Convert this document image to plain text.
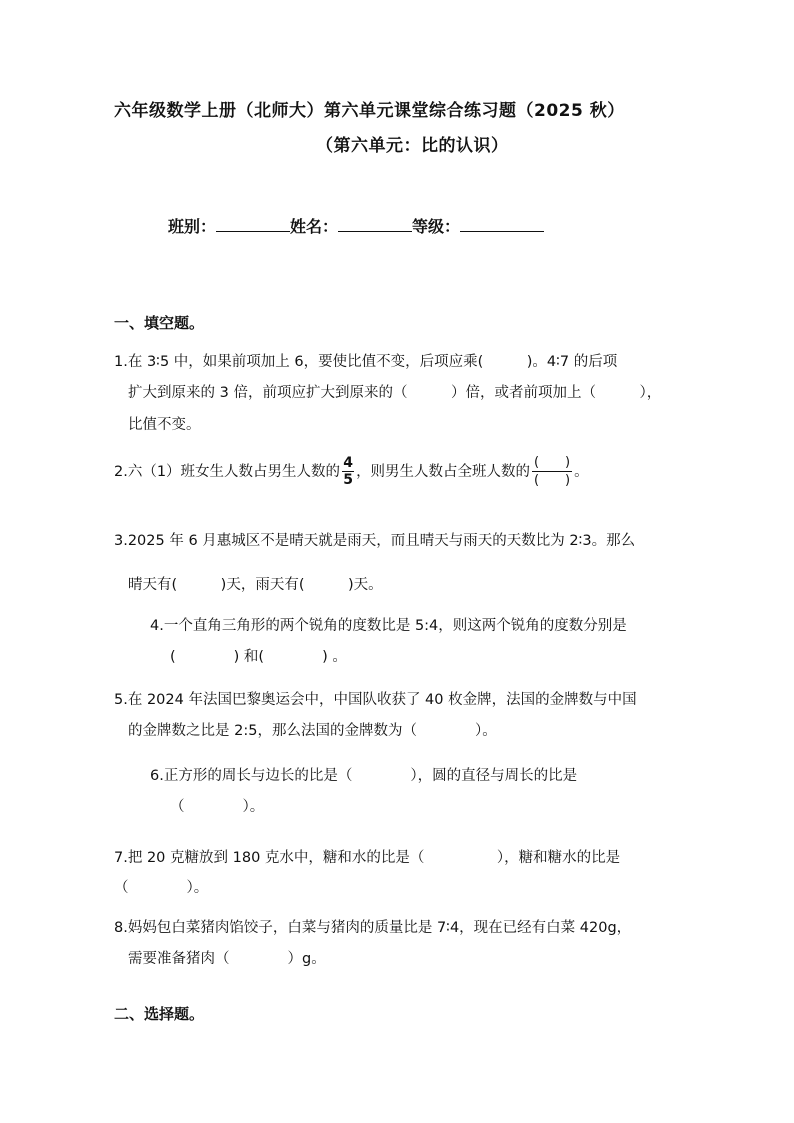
六年级数学上册（北师大）第六单元课堂综合练习题（2025 秋）
（第六单元：比的认识）
班别：	姓名：	等级：
一、填空题。
1.在 3∶5 中，如果前项加上 6，要使比值不变，后项应乘(　　　)。4∶7 的后项
扩大到原来的 3 倍，前项应扩大到原来的（　　　）倍，或者前项加上（　　　），
比值不变。
2.六（1）班女生人数占男生人数的 $\frac{4}{5}$ ，则男生人数占全班人数的 $\frac{( )}{( )}$ 。
3.2025 年 6 月惠城区不是晴天就是雨天，而且晴天与雨天的天数比为 2∶3。那么
晴天有(　　　)天，雨天有(　　　)天。
4.一个直角三角形的两个锐角的度数比是 5:4，则这两个锐角的度数分别是
(　　　　) 和(　　　　) 。
5.在 2024 年法国巴黎奥运会中，中国队收获了 40 枚金牌，法国的金牌数与中国
的金牌数之比是 2:5，那么法国的金牌数为（　　　　）。
6.正方形的周长与边长的比是（　　　　），圆的直径与周长的比是
（　　　　）。
7.把 20 克糖放到 180 克水中，糖和水的比是（　　　　　），糖和糖水的比是
（　　　　）。
8.妈妈包白菜猪肉馅饺子，白菜与猪肉的质量比是 7∶4，现在已经有白菜 420g，
需要准备猪肉（　　　　）g。
二、选择题。
